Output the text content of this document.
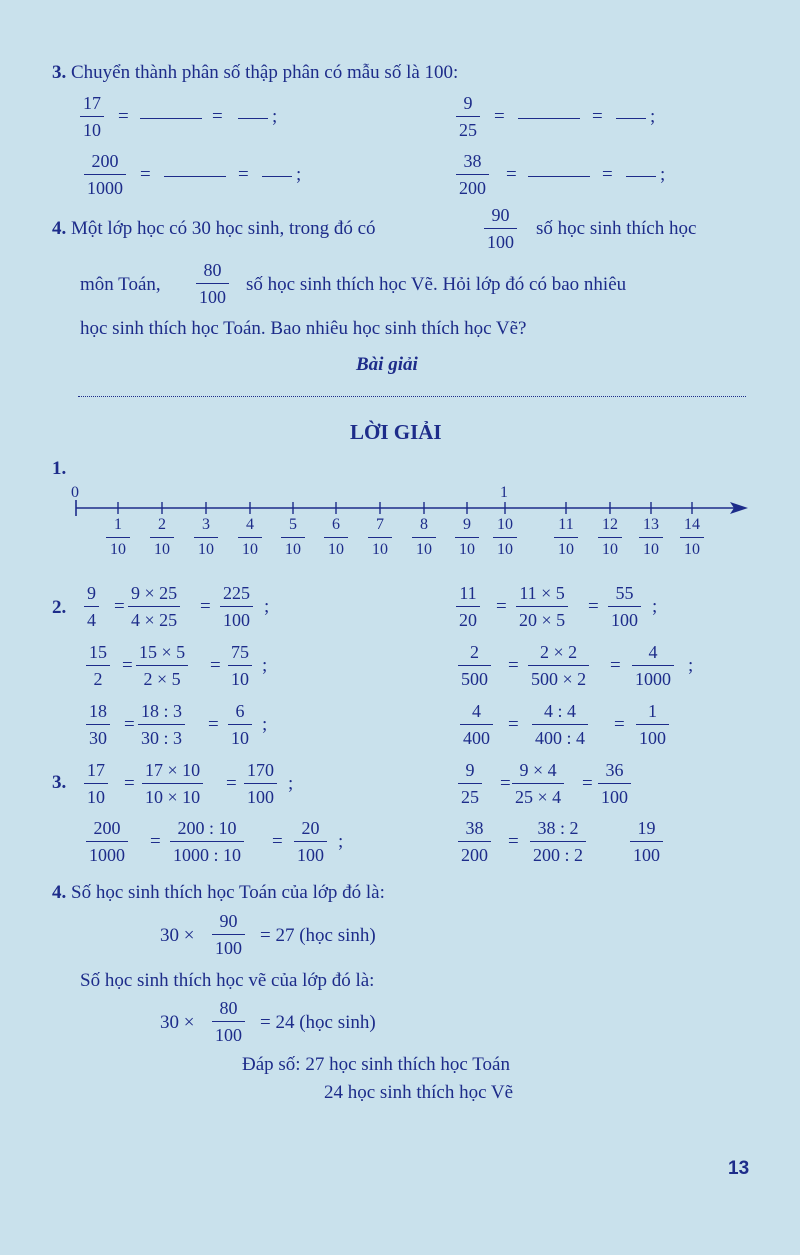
3. Chuyển thành phân số thập phân có mẫu số là 100:
17
10
=	=	;
9
25
=	= ;
200
1000
=	= ;
38
200
=	= ;
4. Một lớp học có 30 học sinh, trong đó có
90
100
số học sinh thích học
môn Toán,
80
100
số học sinh thích học Vẽ. Hỏi lớp đó có bao nhiêu
học sinh thích học Toán. Bao nhiêu học sinh thích học Vẽ?
Bài giải
LỜI GIẢI
1.
0	1
1
10
2
10
3
10
4
10
5
10
6
10
7
10
8
10
9
10
10
10
11
10
12
10
13
10
14
10
2.
9
4
=
9 × 25
4 × 25
=
225
100
;
11
20
=
11 × 5
20 × 5
=
55
100
;
15
2
=
15 × 5
2 × 5
=
75
10
;
2
500
=
2 × 2
500 × 2
=
4
1000
;
18
30
=
18 : 3
30 : 3
=
6
10
;
4
400
=
4 : 4
400 : 4
=
1
100
3.
17
10
=
17 × 10
10 × 10
=
170
100
;
9
25
=
9 × 4
25 × 4
=
36
100
200
1000
=
200 : 10
1000 : 10
=
20
100
;
38
200
=
38 : 2
200 : 2
19
100
4. Số học sinh thích học Toán của lớp đó là:
30 ×
90
100
= 27 (học sinh)
Số học sinh thích học vẽ của lớp đó là:
30 ×
80
100
= 24 (học sinh)
Đáp số: 27 học sinh thích học Toán
24 học sinh thích học Vẽ
13
